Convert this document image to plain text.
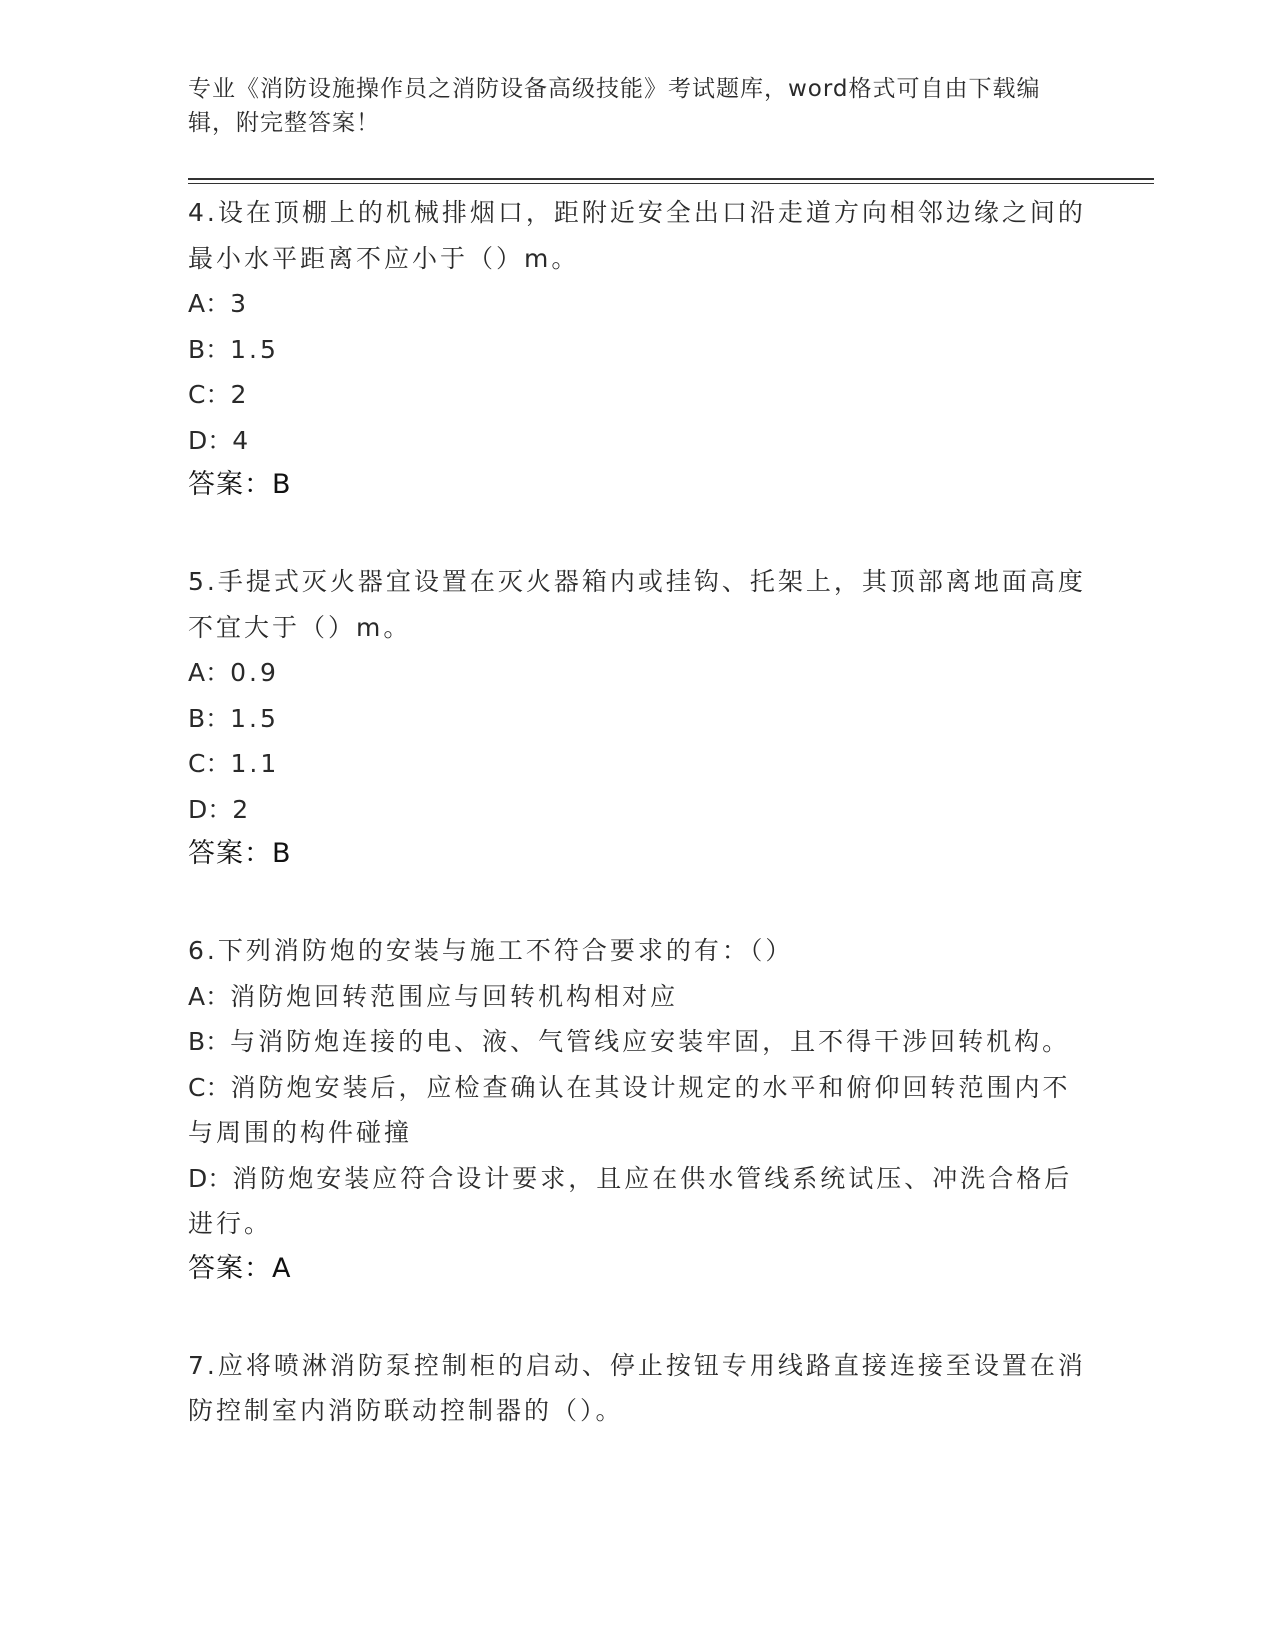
专业《消防设施操作员之消防设备高级技能》考试题库，word格式可自由下载编辑，附完整答案！

4.设在顶棚上的机械排烟口，距附近安全出口沿走道方向相邻边缘之间的最小水平距离不应小于（）m。

A：3

B：1.5

C：2

D：4

答案：B

5.手提式灭火器宜设置在灭火器箱内或挂钩、托架上，其顶部离地面高度不宜大于（）m。

A：0.9

B：1.5

C：1.1

D：2

答案：B

6.下列消防炮的安装与施工不符合要求的有：（）

A：消防炮回转范围应与回转机构相对应

B：与消防炮连接的电、液、气管线应安装牢固，且不得干涉回转机构。

C：消防炮安装后，应检查确认在其设计规定的水平和俯仰回转范围内不与周围的构件碰撞

D：消防炮安装应符合设计要求，且应在供水管线系统试压、冲洗合格后进行。

答案：A

7.应将喷淋消防泵控制柜的启动、停止按钮专用线路直接连接至设置在消防控制室内消防联动控制器的（）。
